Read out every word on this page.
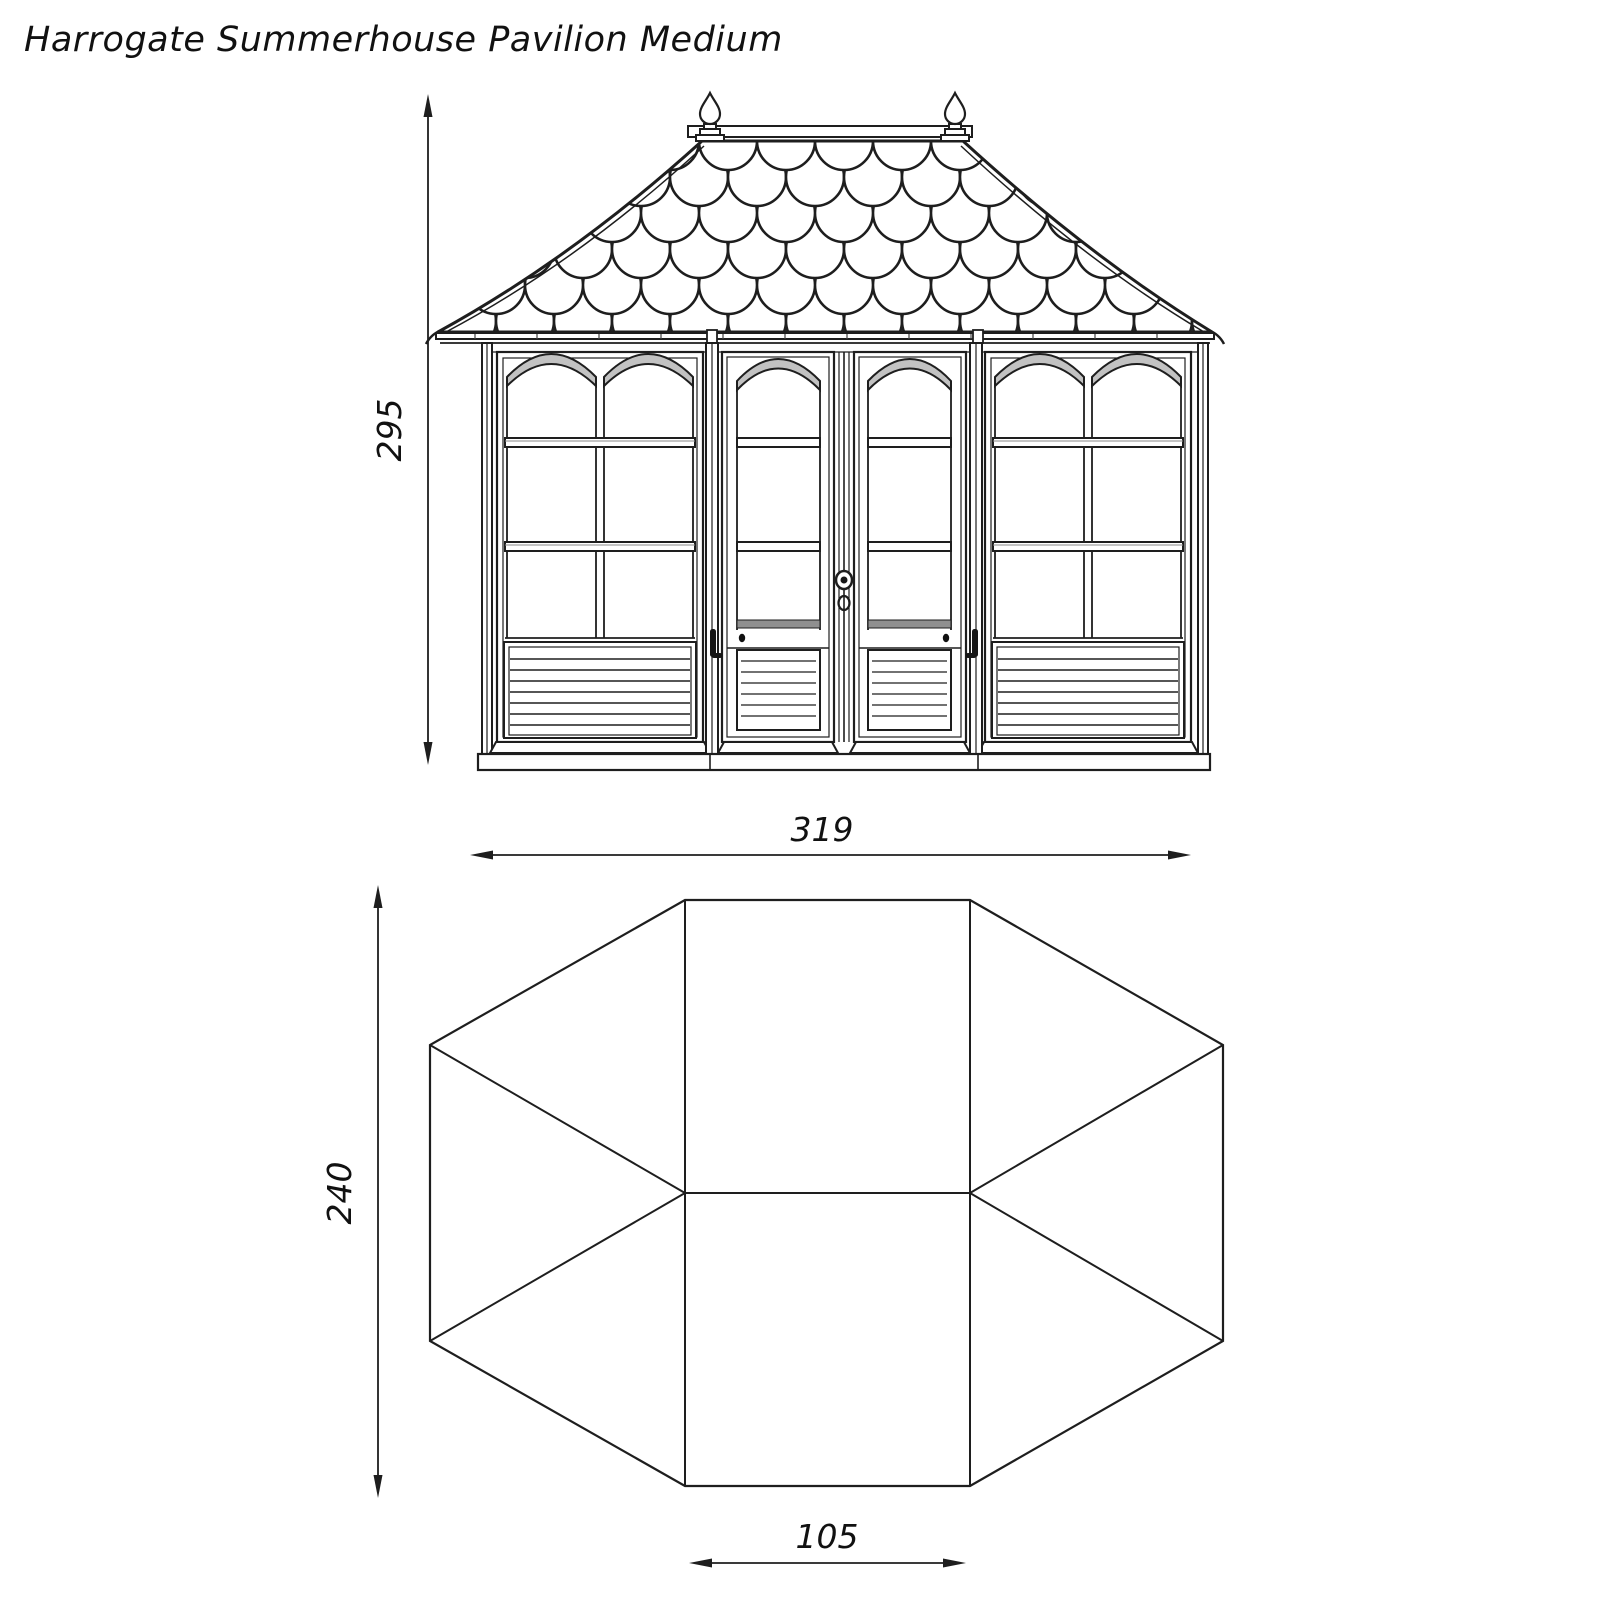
Harrogate Summerhouse Pavilion Medium
295
319
240
105
